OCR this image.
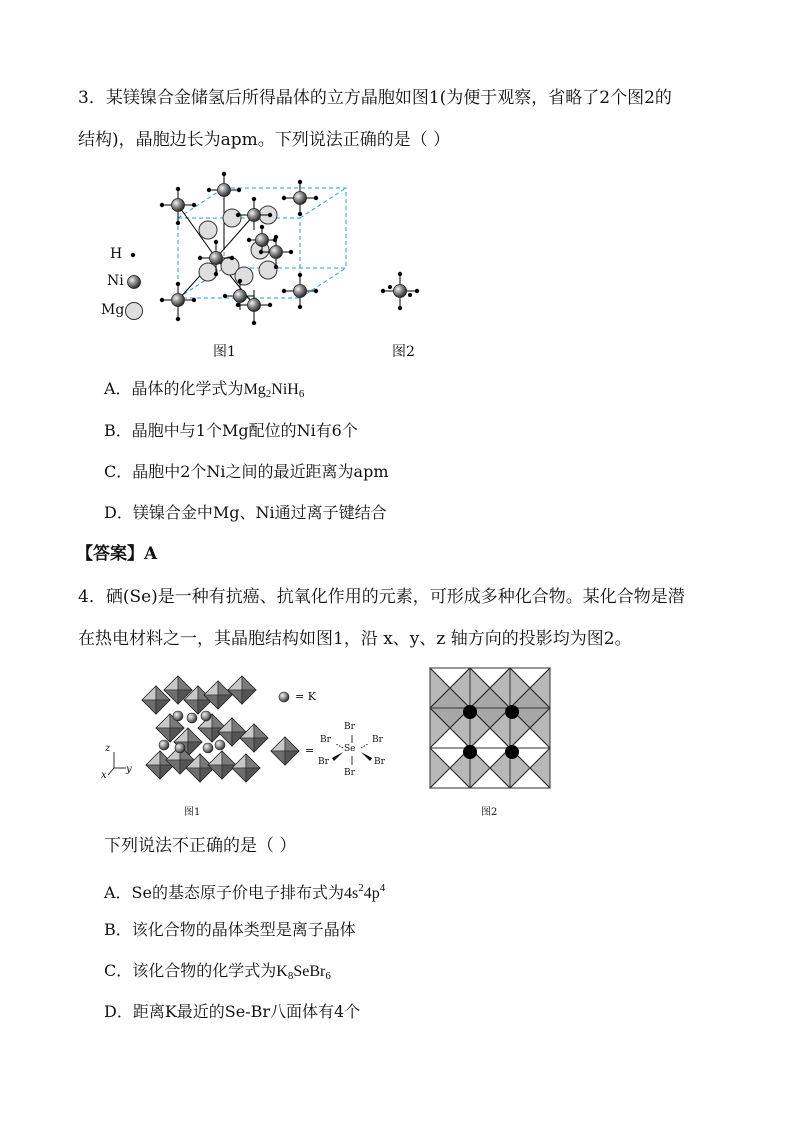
3．某镁镍合金储氢后所得晶体的立方晶胞如图1(为便于观察，省略了2个图2的
结构)，晶胞边长为apm。下列说法正确的是（ ）
H
Ni
Mg
图1	图2
A．晶体的化学式为$Mg_2NiH_6$
B．晶胞中与1个Mg配位的Ni有6个
C．晶胞中2个Ni之间的最近距离为apm
D．镁镍合金中Mg、Ni通过离子键结合
【答案】A
4．硒(Se)是一种有抗癌、抗氧化作用的元素，可形成多种化合物。某化合物是潜
在热电材料之一，其晶胞结构如图1，沿 x、y、z 轴方向的投影均为图2。
= K
=
Br
Br
Br	Br
Br	Br
Se
z
x
y
图1	图2
下列说法不正确的是（ ）
A．Se的基态原子价电子排布式为$4s^24p^4$
B．该化合物的晶体类型是离子晶体
C．该化合物的化学式为$K_8SeBr_6$
D．距离K最近的Se-Br八面体有4个
